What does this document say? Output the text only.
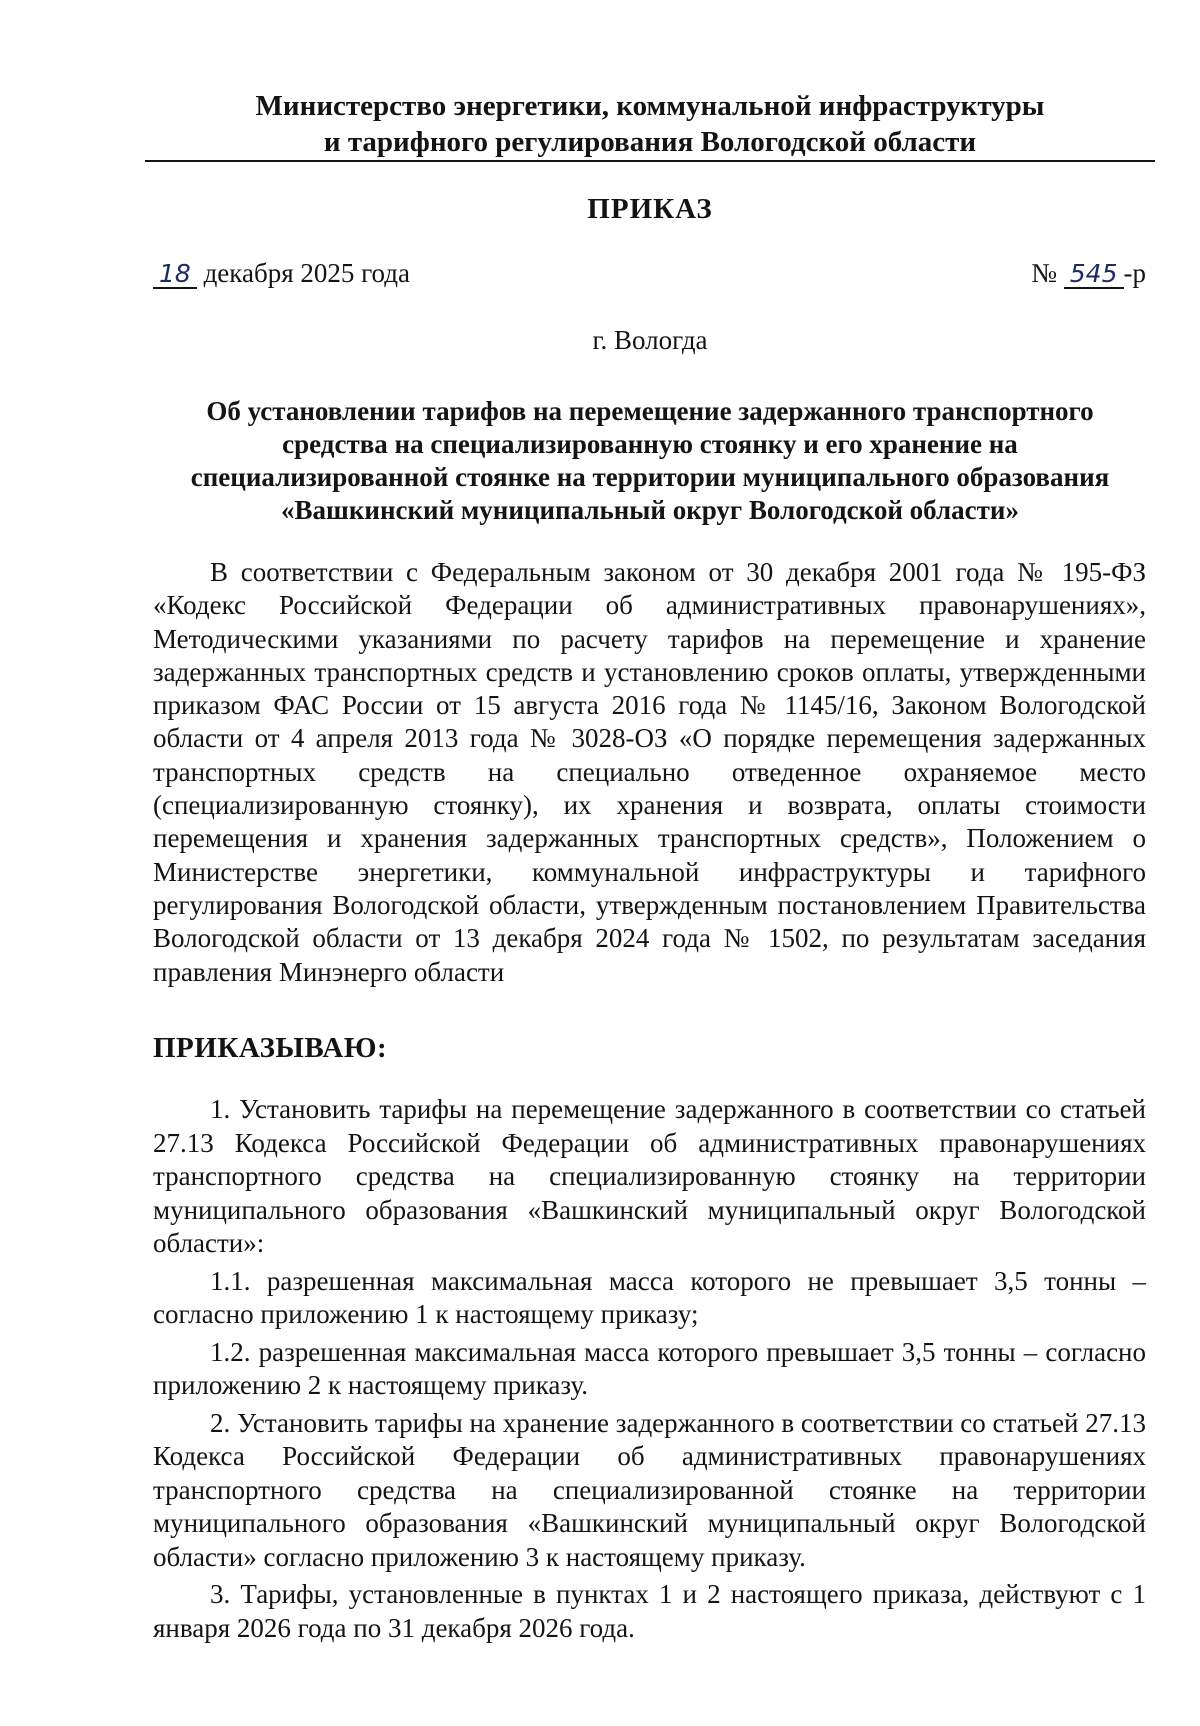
Министерство энергетики, коммунальной инфраструктуры
и тарифного регулирования Вологодской области
ПРИКАЗ
18 декабря 2025 года	№ 545 -р
г. Вологда
Об установлении тарифов на перемещение задержанного транспортного
средства на специализированную стоянку и его хранение на
специализированной стоянке на территории муниципального образования
«Вашкинский муниципальный округ Вологодской области»

В соответствии с Федеральным законом от 30 декабря 2001 года № 195-ФЗ «Кодекс Российской Федерации об административных правонарушениях», Методическими указаниями по расчету тарифов на перемещение и хранение задержанных транспортных средств и установлению сроков оплаты, утвержденными приказом ФАС России от 15 августа 2016 года № 1145/16, Законом Вологодской области от 4 апреля 2013 года № 3028-ОЗ «О порядке перемещения задержанных транспортных средств на специально отведенное охраняемое место (специализированную стоянку), их хранения и возврата, оплаты стоимости перемещения и хранения задержанных транспортных средств», Положением о Министерстве энергетики, коммунальной инфраструктуры и тарифного регулирования Вологодской области, утвержденным постановлением Правительства Вологодской области от 13 декабря 2024 года № 1502, по результатам заседания правления Минэнерго области

ПРИКАЗЫВАЮ:

1. Установить тарифы на перемещение задержанного в соответствии со статьей 27.13 Кодекса Российской Федерации об административных правонарушениях транспортного средства на специализированную стоянку на территории муниципального образования «Вашкинский муниципальный округ Вологодской области»:

1.1. разрешенная максимальная масса которого не превышает 3,5 тонны – согласно приложению 1 к настоящему приказу;

1.2. разрешенная максимальная масса которого превышает 3,5 тонны – согласно приложению 2 к настоящему приказу.

2. Установить тарифы на хранение задержанного в соответствии со статьей 27.13 Кодекса Российской Федерации об административных правонарушениях транспортного средства на специализированной стоянке на территории муниципального образования «Вашкинский муниципальный округ Вологодской области» согласно приложению 3 к настоящему приказу.

3. Тарифы, установленные в пунктах 1 и 2 настоящего приказа, действуют с 1 января 2026 года по 31 декабря 2026 года.
